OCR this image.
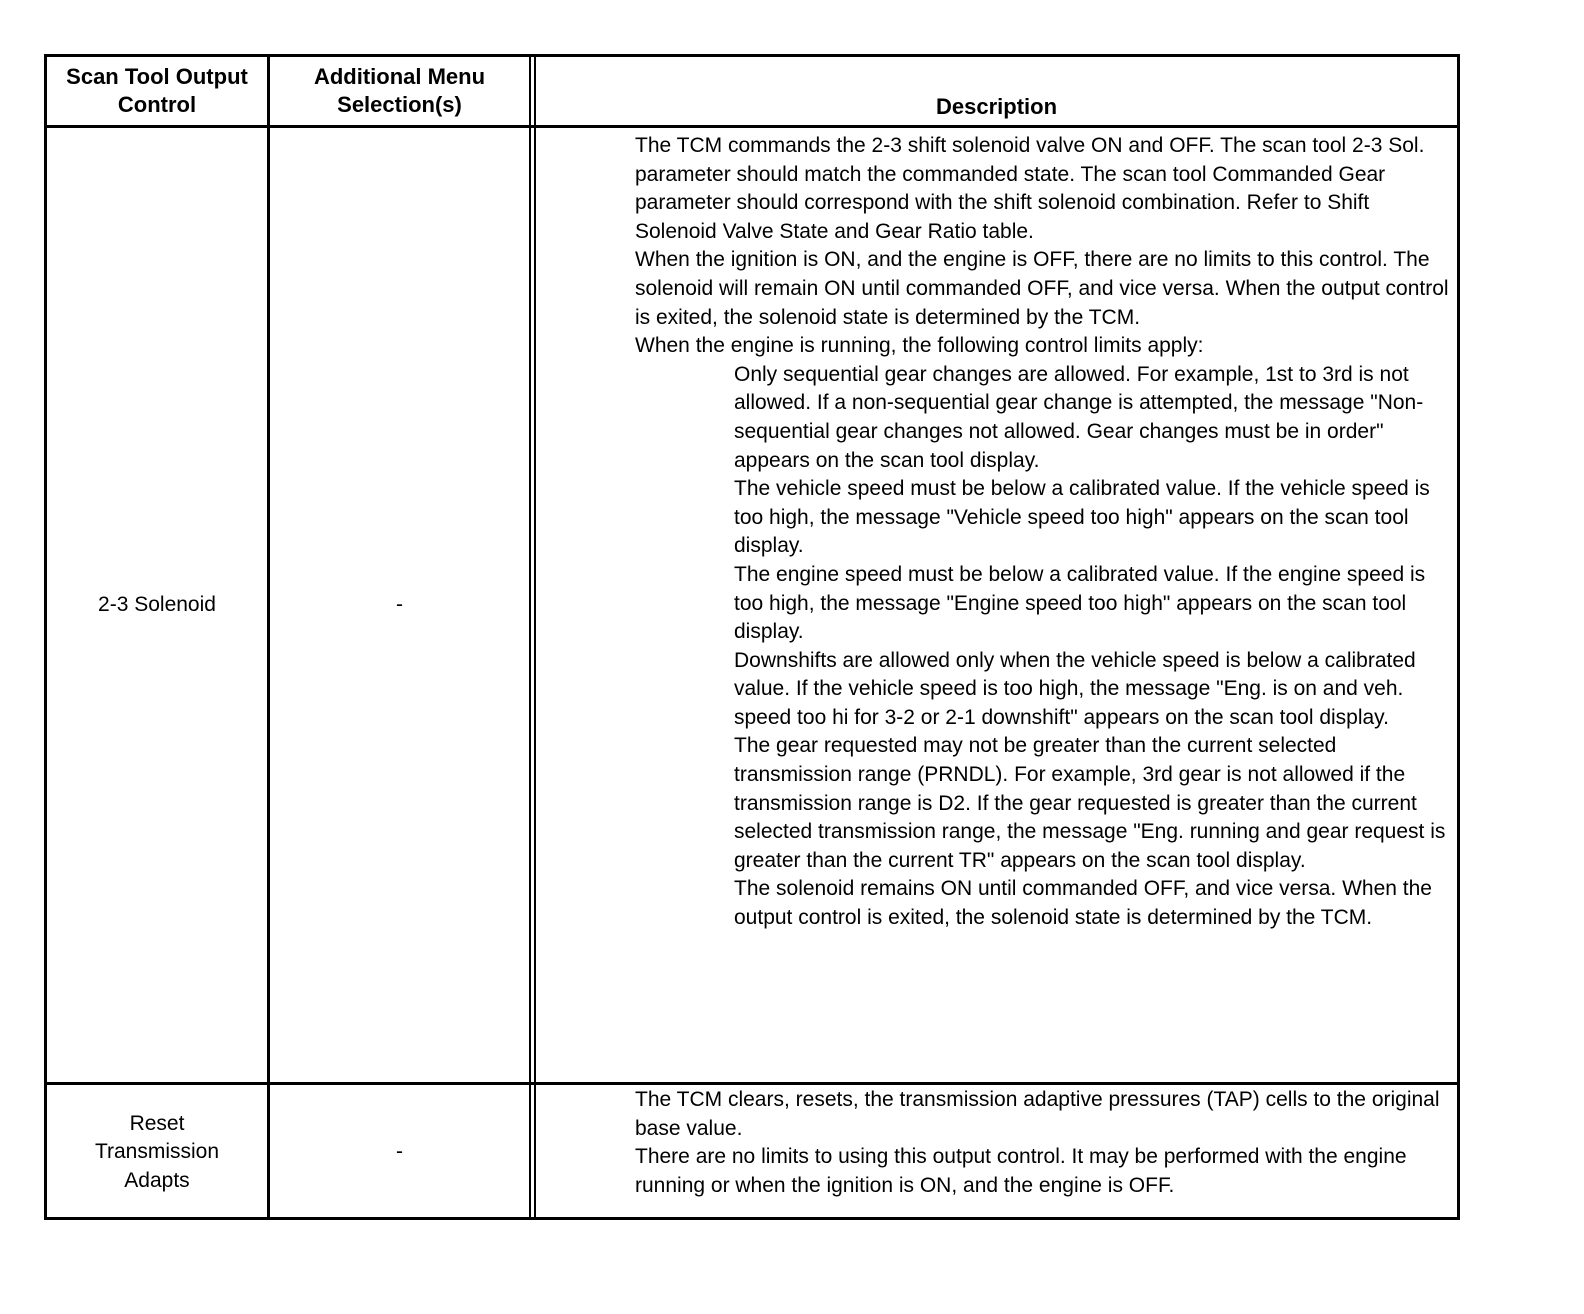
Scan Tool Output
Control
Additional Menu
Selection(s)	Description
2-3 Solenoid	-

The TCM commands the 2-3 shift solenoid valve ON and OFF. The scan tool 2-3 Sol. parameter should match the commanded state. The scan tool Commanded Gear parameter should correspond with the shift solenoid combination. Refer to Shift Solenoid Valve State and Gear Ratio table.

When the ignition is ON, and the engine is OFF, there are no limits to this control. The solenoid will remain ON until commanded OFF, and vice versa. When the output control is exited, the solenoid state is determined by the TCM.

When the engine is running, the following control limits apply:

Only sequential gear changes are allowed. For example, 1st to 3rd is not allowed. If a non-sequential gear change is attempted, the message "Non-sequential gear changes not allowed. Gear changes must be in order" appears on the scan tool display.

The vehicle speed must be below a calibrated value. If the vehicle speed is too high, the message "Vehicle speed too high" appears on the scan tool display.

The engine speed must be below a calibrated value. If the engine speed is too high, the message "Engine speed too high" appears on the scan tool display.

Downshifts are allowed only when the vehicle speed is below a calibrated value. If the vehicle speed is too high, the message "Eng. is on and veh. speed too hi for 3-2 or 2-1 downshift" appears on the scan tool display.

The gear requested may not be greater than the current selected transmission range (PRNDL). For example, 3rd gear is not allowed if the transmission range is D2. If the gear requested is greater than the current selected transmission range, the message "Eng. running and gear request is greater than the current TR" appears on the scan tool display.

The solenoid remains ON until commanded OFF, and vice versa. When the output control is exited, the solenoid state is determined by the TCM.

Reset
Transmission
Adapts
-

The TCM clears, resets, the transmission adaptive pressures (TAP) cells to the original base value.

There are no limits to using this output control. It may be performed with the engine running or when the ignition is ON, and the engine is OFF.
